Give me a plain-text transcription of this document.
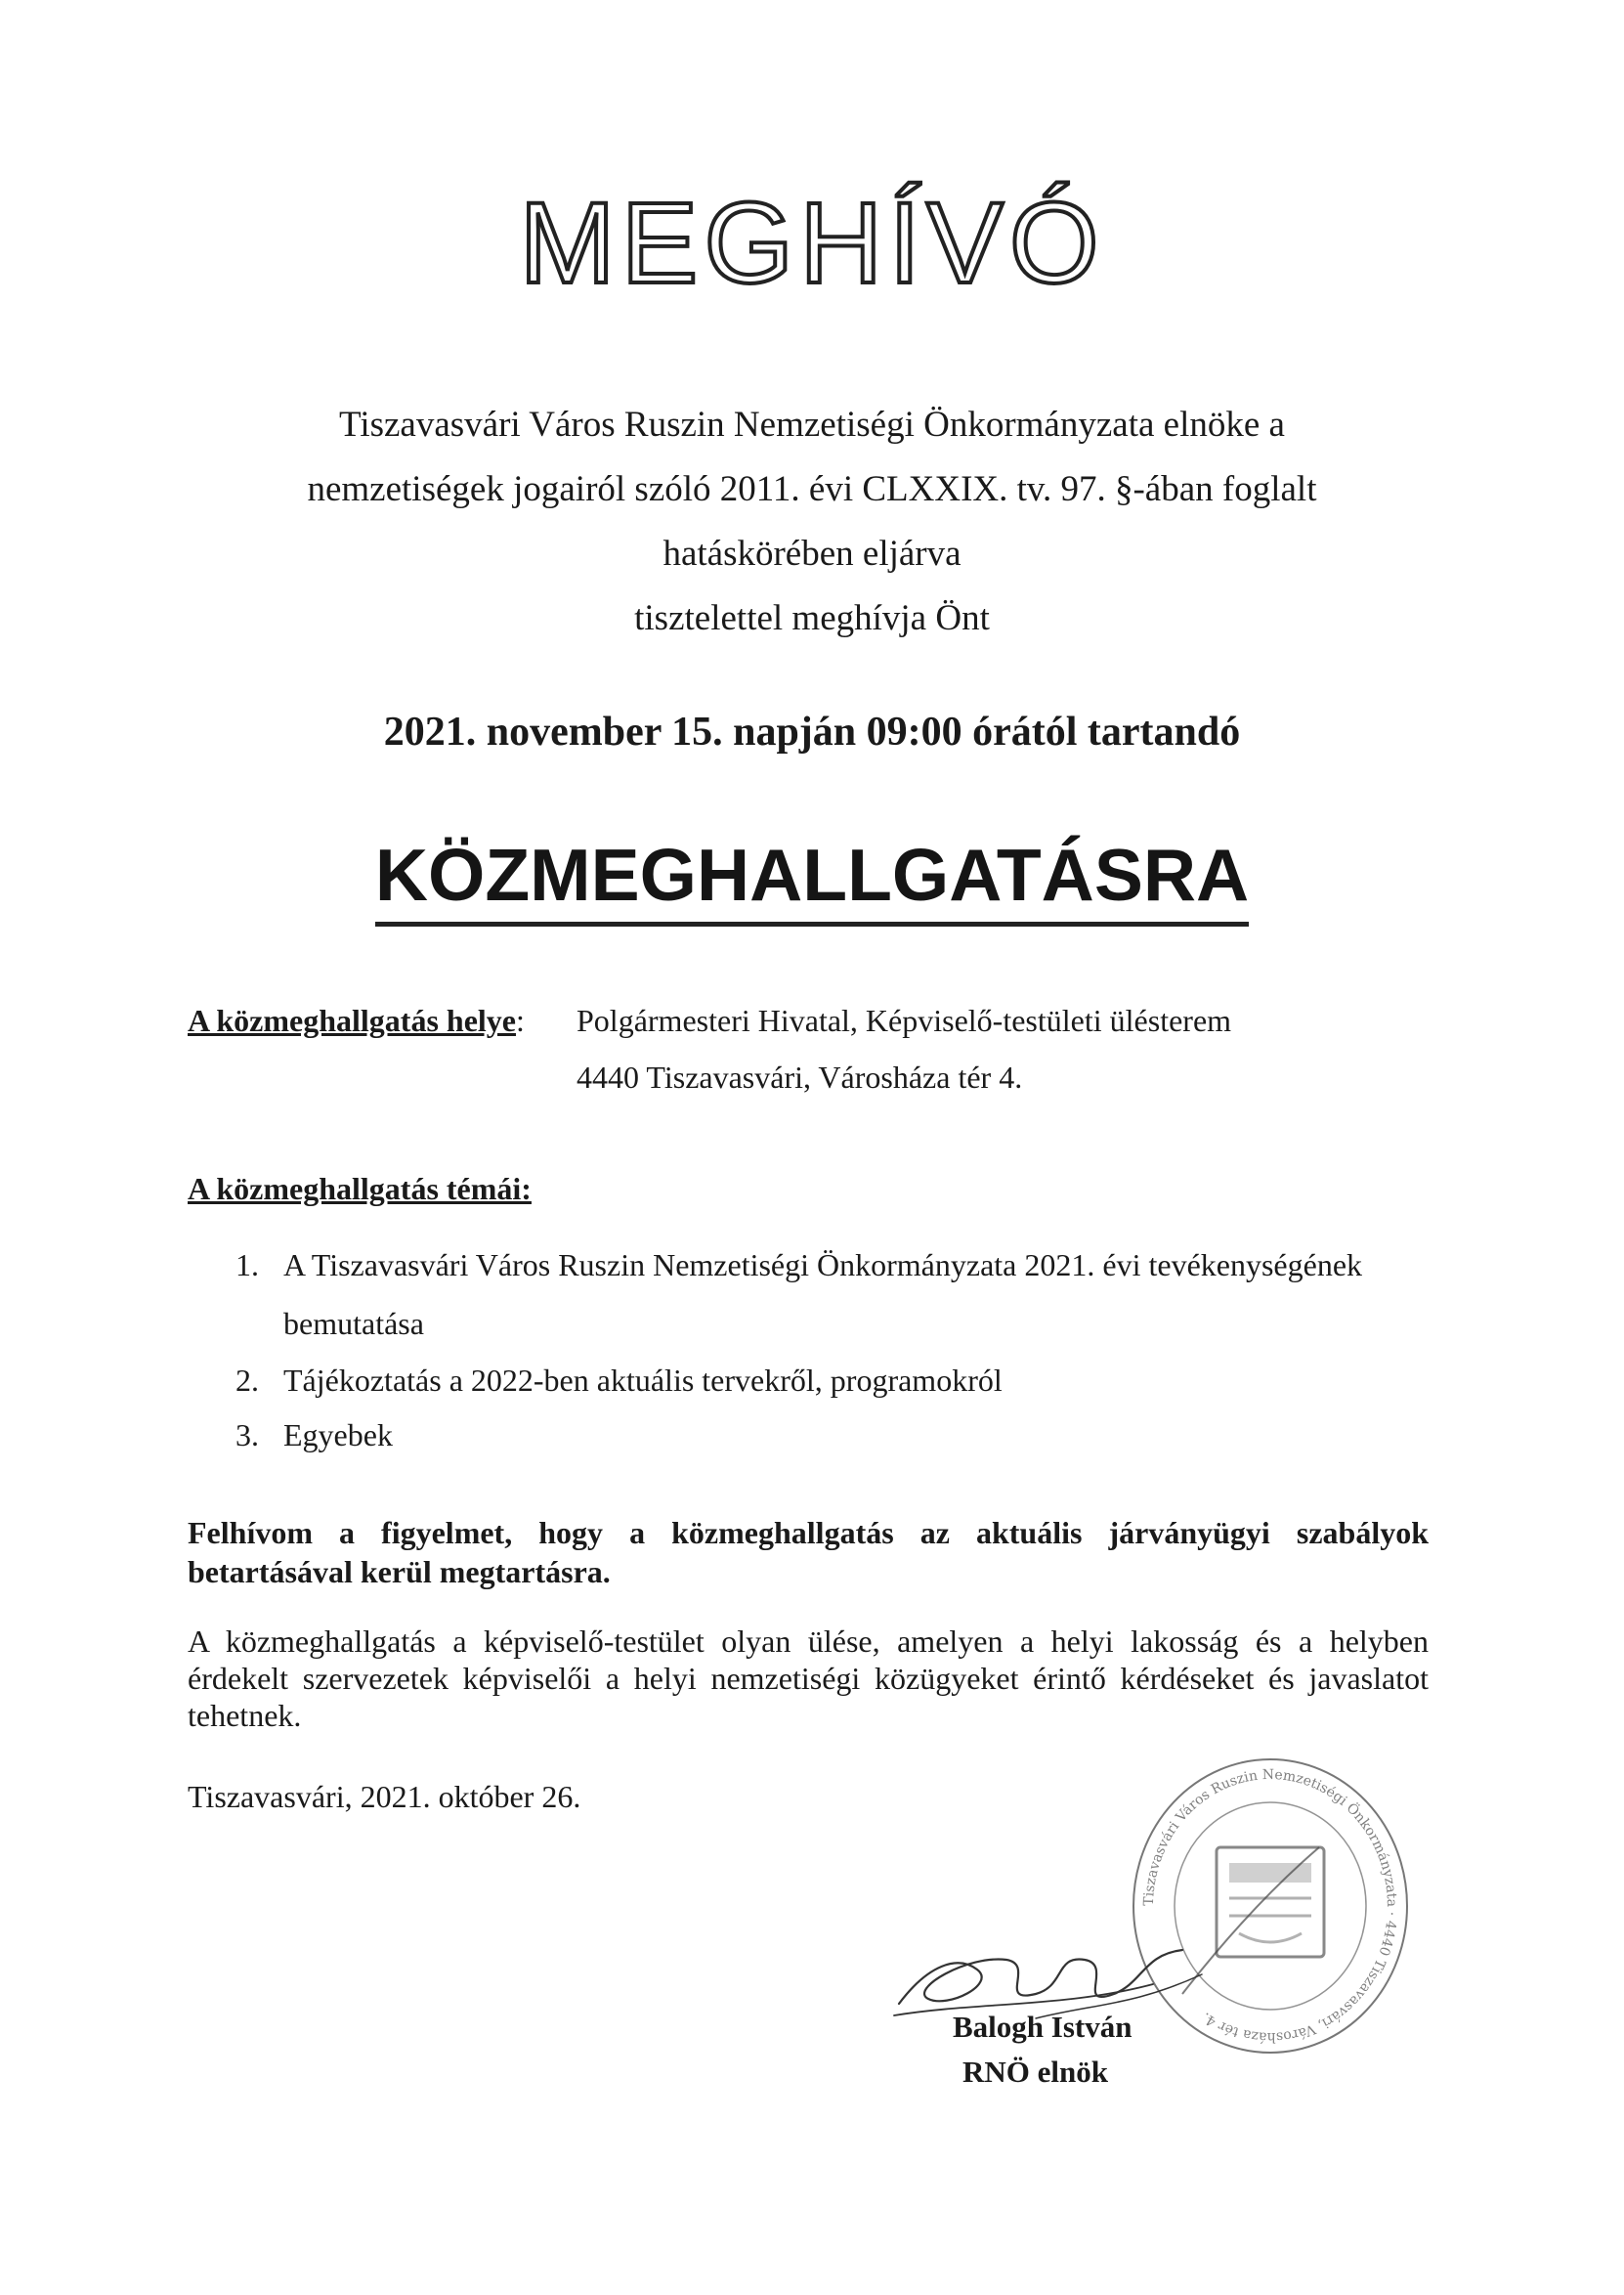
MEGHÍVÓ
Tiszavasvári Város Ruszin Nemzetiségi Önkormányzata elnöke a
nemzetiségek jogairól szóló 2011. évi CLXXIX. tv. 97. §-ában foglalt
hatáskörében eljárva
tisztelettel meghívja Önt
2021. november 15. napján 09:00 órától tartandó
KÖZMEGHALLGATÁSRA
A közmeghallgatás helye: Polgármesteri Hivatal, Képviselő-testületi ülésterem
4440 Tiszavasvári, Városháza tér 4.
A közmeghallgatás témái:
1. A Tiszavasvári Város Ruszin Nemzetiségi Önkormányzata 2021. évi tevékenységének
bemutatása
2. Tájékoztatás a 2022-ben aktuális tervekről, programokról
3. Egyebek
Felhívom a figyelmet, hogy a közmeghallgatás az aktuális járványügyi szabályok
betartásával kerül megtartásra.
A közmeghallgatás a képviselő-testület olyan ülése, amelyen a helyi lakosság és a helyben
érdekelt szervezetek képviselői a helyi nemzetiségi közügyeket érintő kérdéseket és javaslatot
tehetnek.
Tiszavasvári, 2021. október 26.
Tiszavasvári Város Ruszin Nemzetiségi Önkormányzata · 4440 Tiszavasvári, Városháza tér 4.
Balogh István
RNÖ elnök
